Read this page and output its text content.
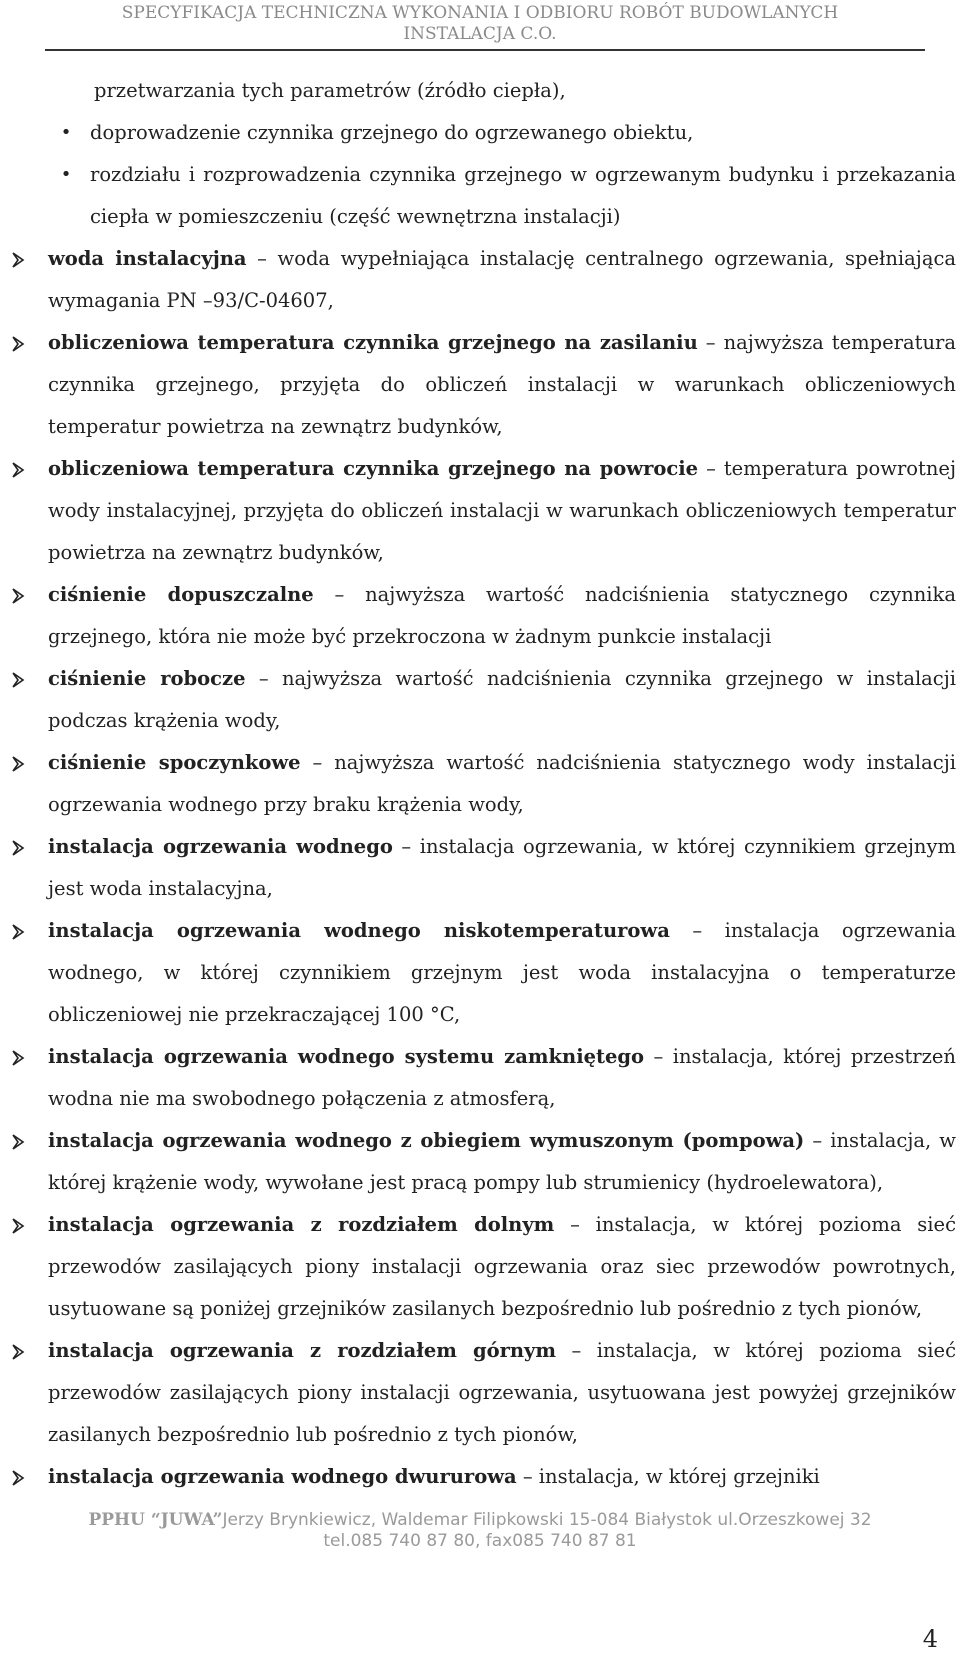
SPECYFIKACJA TECHNICZNA WYKONANIA I ODBIORU ROBÓT BUDOWLANYCH
INSTALACJA C.O.

przetwarzania tych parametrów (źródło ciepła),

• doprowadzenie czynnika grzejnego do ogrzewanego obiektu,
• rozdziału i rozprowadzenia czynnika grzejnego w ogrzewanym budynku i przekazania ciepła w pomieszczeniu (część wewnętrzna instalacji)
woda instalacyjna – woda wypełniająca instalację centralnego ogrzewania, spełniająca wymagania PN –93/C-04607,
obliczeniowa temperatura czynnika grzejnego na zasilaniu – najwyższa temperatura czynnika grzejnego, przyjęta do obliczeń instalacji w warunkach obliczeniowych temperatur powietrza na zewnątrz budynków,
obliczeniowa temperatura czynnika grzejnego na powrocie – temperatura powrotnej wody instalacyjnej, przyjęta do obliczeń instalacji w warunkach obliczeniowych temperatur powietrza na zewnątrz budynków,
ciśnienie dopuszczalne – najwyższa wartość nadciśnienia statycznego czynnika grzejnego, która nie może być przekroczona w żadnym punkcie instalacji
ciśnienie robocze – najwyższa wartość nadciśnienia czynnika grzejnego w instalacji podczas krążenia wody,
ciśnienie spoczynkowe – najwyższa wartość nadciśnienia statycznego wody instalacji ogrzewania wodnego przy braku krążenia wody,
instalacja ogrzewania wodnego – instalacja ogrzewania, w której czynnikiem grzejnym jest woda instalacyjna,
instalacja ogrzewania wodnego niskotemperaturowa – instalacja ogrzewania wodnego, w której czynnikiem grzejnym jest woda instalacyjna o temperaturze obliczeniowej nie przekraczającej 100 °C,
instalacja ogrzewania wodnego systemu zamkniętego – instalacja, której przestrzeń wodna nie ma swobodnego połączenia z atmosferą,
instalacja ogrzewania wodnego z obiegiem wymuszonym (pompowa) – instalacja, w której krążenie wody, wywołane jest pracą pompy lub strumienicy (hydroelewatora),
instalacja ogrzewania z rozdziałem dolnym – instalacja, w której pozioma sieć przewodów zasilających piony instalacji ogrzewania oraz siec przewodów powrotnych, usytuowane są poniżej grzejników zasilanych bezpośrednio lub pośrednio z tych pionów,
instalacja ogrzewania z rozdziałem górnym – instalacja, w której pozioma sieć przewodów zasilających piony instalacji ogrzewania, usytuowana jest powyżej grzejników zasilanych bezpośrednio lub pośrednio z tych pionów,
instalacja ogrzewania wodnego dwururowa – instalacja, w której grzejniki
PPHU “JUWA”Jerzy Brynkiewicz, Waldemar Filipkowski 15-084 Białystok ul.Orzeszkowej 32
tel.085 740 87 80, fax085 740 87 81
4
